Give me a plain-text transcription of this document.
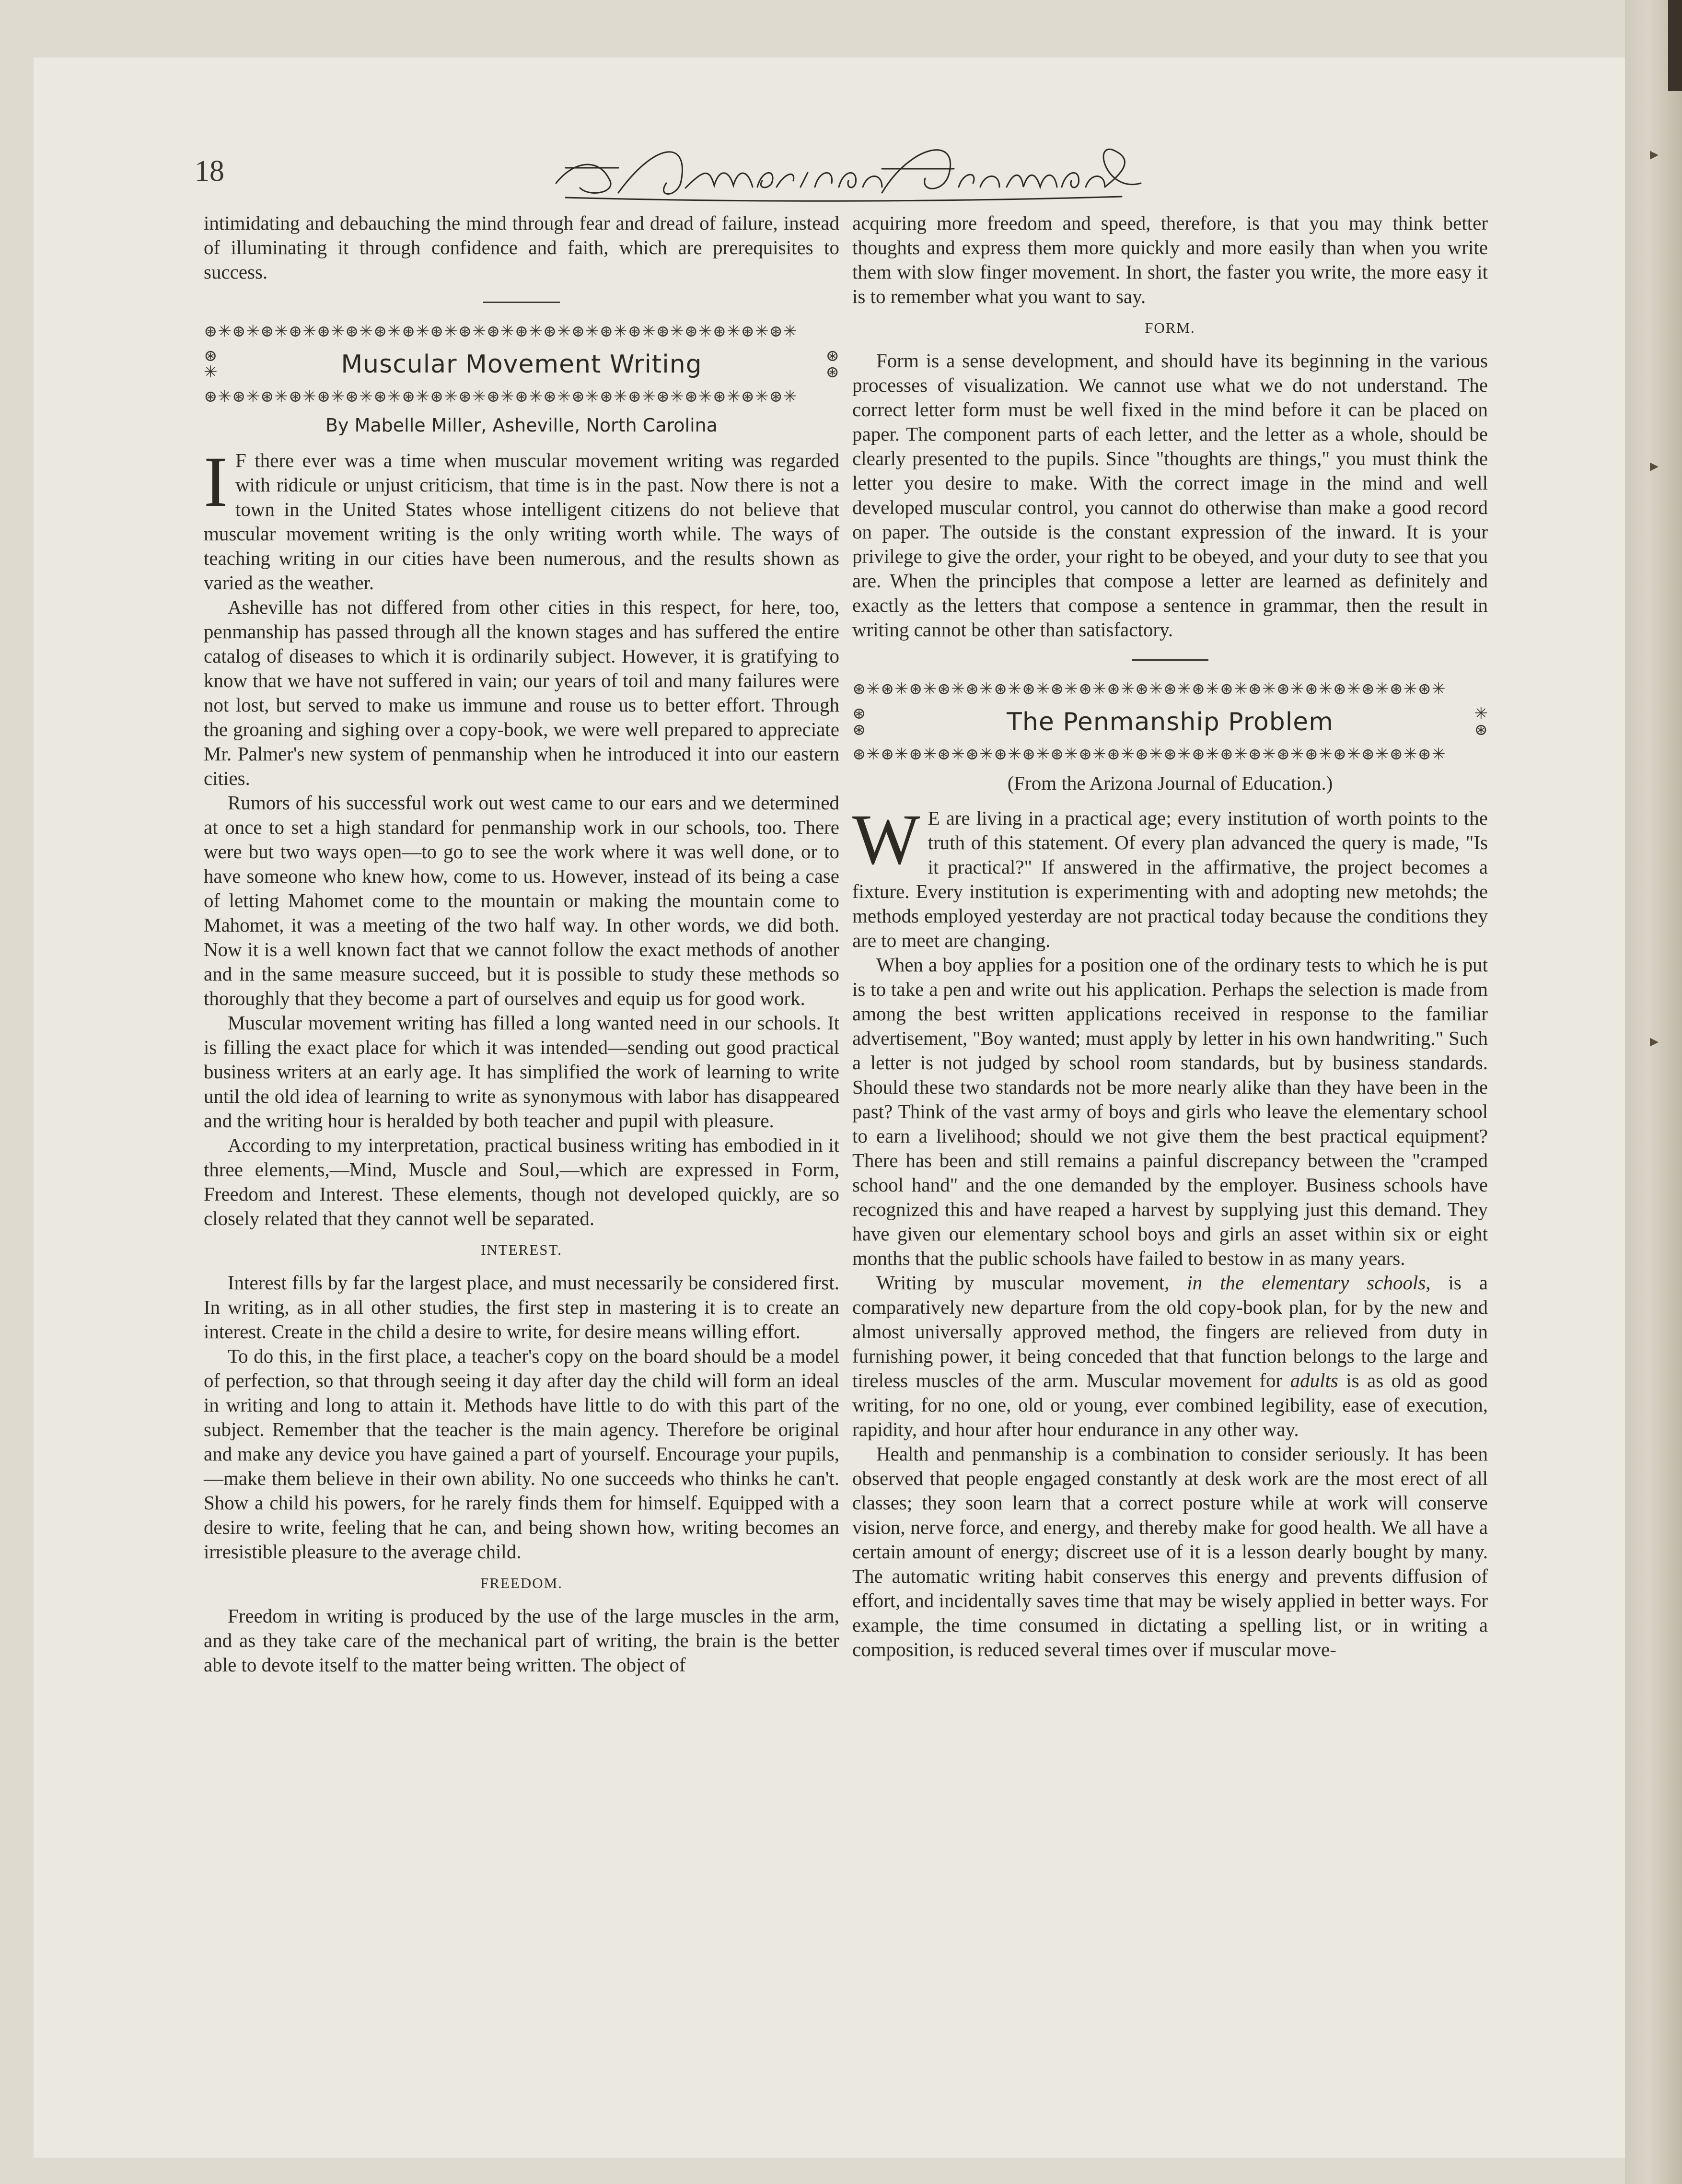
▸
▸
▸
18

intimidating and debauching the mind through fear and dread of failure, instead of illuminating it through confidence and faith, which are prerequisites to success.

⊛✳⊛✳⊛✳⊛✳⊛✳⊛✳⊛✳⊛✳⊛✳⊛✳⊛✳⊛✳⊛✳⊛✳⊛✳⊛✳⊛✳⊛✳⊛✳⊛✳⊛✳
⊛
✳	Muscular Movement Writing	⊛
⊛
⊛✳⊛✳⊛✳⊛✳⊛✳⊛✳⊛✳⊛✳⊛✳⊛✳⊛✳⊛✳⊛✳⊛✳⊛✳⊛✳⊛✳⊛✳⊛✳⊛✳⊛✳
By Mabelle Miller, Asheville, North Carolina

I F there ever was a time when muscular movement writing was regarded with ridicule or unjust criticism, that time is in the past. Now there is not a town in the United States whose intelligent citizens do not believe that muscular movement writing is the only writing worth while. The ways of teaching writing in our cities have been numerous, and the results shown as varied as the weather.

Asheville has not differed from other cities in this respect, for here, too, penmanship has passed through all the known stages and has suffered the entire catalog of diseases to which it is ordinarily subject. However, it is gratifying to know that we have not suffered in vain; our years of toil and many failures were not lost, but served to make us immune and rouse us to better effort. Through the groaning and sighing over a copy-book, we were well prepared to appreciate Mr. Palmer's new system of penmanship when he introduced it into our eastern cities.

Rumors of his successful work out west came to our ears and we determined at once to set a high standard for penmanship work in our schools, too. There were but two ways open—to go to see the work where it was well done, or to have someone who knew how, come to us. However, instead of its being a case of letting Mahomet come to the mountain or making the mountain come to Mahomet, it was a meeting of the two half way. In other words, we did both. Now it is a well known fact that we cannot follow the exact methods of another and in the same measure succeed, but it is possible to study these methods so thoroughly that they become a part of ourselves and equip us for good work.

Muscular movement writing has filled a long wanted need in our schools. It is filling the exact place for which it was intended—sending out good practical business writers at an early age. It has simplified the work of learning to write until the old idea of learning to write as synonymous with labor has disappeared and the writing hour is heralded by both teacher and pupil with pleasure.

According to my interpretation, practical business writing has embodied in it three elements,—Mind, Muscle and Soul,—which are expressed in Form, Freedom and Interest. These elements, though not developed quickly, are so closely related that they cannot well be separated.

INTEREST.

Interest fills by far the largest place, and must necessarily be considered first. In writing, as in all other studies, the first step in mastering it is to create an interest. Create in the child a desire to write, for desire means willing effort.

To do this, in the first place, a teacher's copy on the board should be a model of perfection, so that through seeing it day after day the child will form an ideal in writing and long to attain it. Methods have little to do with this part of the subject. Remember that the teacher is the main agency. Therefore be original and make any device you have gained a part of yourself. Encourage your pupils,—make them believe in their own ability. No one succeeds who thinks he can't. Show a child his powers, for he rarely finds them for himself. Equipped with a desire to write, feeling that he can, and being shown how, writing becomes an irresistible pleasure to the average child.

FREEDOM.

Freedom in writing is produced by the use of the large muscles in the arm, and as they take care of the mechanical part of writing, the brain is the better able to devote itself to the matter being written. The object of

acquiring more freedom and speed, therefore, is that you may think better thoughts and express them more quickly and more easily than when you write them with slow finger movement. In short, the faster you write, the more easy it is to remember what you want to say.

FORM.

Form is a sense development, and should have its beginning in the various processes of visualization. We cannot use what we do not understand. The correct letter form must be well fixed in the mind before it can be placed on paper. The component parts of each letter, and the letter as a whole, should be clearly presented to the pupils. Since "thoughts are things," you must think the letter you desire to make. With the correct image in the mind and well developed muscular control, you cannot do otherwise than make a good record on paper. The outside is the constant expression of the inward. It is your privilege to give the order, your right to be obeyed, and your duty to see that you are. When the principles that compose a letter are learned as definitely and exactly as the letters that compose a sentence in grammar, then the result in writing cannot be other than satisfactory.

⊛✳⊛✳⊛✳⊛✳⊛✳⊛✳⊛✳⊛✳⊛✳⊛✳⊛✳⊛✳⊛✳⊛✳⊛✳⊛✳⊛✳⊛✳⊛✳⊛✳⊛✳
⊛
⊛	The Penmanship Problem	✳
⊛
⊛✳⊛✳⊛✳⊛✳⊛✳⊛✳⊛✳⊛✳⊛✳⊛✳⊛✳⊛✳⊛✳⊛✳⊛✳⊛✳⊛✳⊛✳⊛✳⊛✳⊛✳
(From the Arizona Journal of Education.)

W E are living in a practical age; every institution of worth points to the truth of this statement. Of every plan advanced the query is made, "Is it practical?" If answered in the affirmative, the project becomes a fixture. Every institution is experimenting with and adopting new metohds; the methods employed yesterday are not practical today because the conditions they are to meet are changing.

When a boy applies for a position one of the ordinary tests to which he is put is to take a pen and write out his application. Perhaps the selection is made from among the best written applications received in response to the familiar advertisement, "Boy wanted; must apply by letter in his own handwriting." Such a letter is not judged by school room standards, but by business standards. Should these two standards not be more nearly alike than they have been in the past? Think of the vast army of boys and girls who leave the elementary school to earn a livelihood; should we not give them the best practical equipment? There has been and still remains a painful discrepancy between the "cramped school hand" and the one demanded by the employer. Business schools have recognized this and have reaped a harvest by supplying just this demand. They have given our elementary school boys and girls an asset within six or eight months that the public schools have failed to bestow in as many years.

Writing by muscular movement, in the elementary schools, is a comparatively new departure from the old copy-book plan, for by the new and almost universally approved method, the fingers are relieved from duty in furnishing power, it being conceded that that function belongs to the large and tireless muscles of the arm. Muscular movement for adults is as old as good writing, for no one, old or young, ever combined legibility, ease of execution, rapidity, and hour after hour endurance in any other way.

Health and penmanship is a combination to consider seriously. It has been observed that people engaged constantly at desk work are the most erect of all classes; they soon learn that a correct posture while at work will conserve vision, nerve force, and energy, and thereby make for good health. We all have a certain amount of energy; discreet use of it is a lesson dearly bought by many. The automatic writing habit conserves this energy and prevents diffusion of effort, and incidentally saves time that may be wisely applied in better ways. For example, the time consumed in dictating a spelling list, or in writing a composition, is reduced several times over if muscular move-
